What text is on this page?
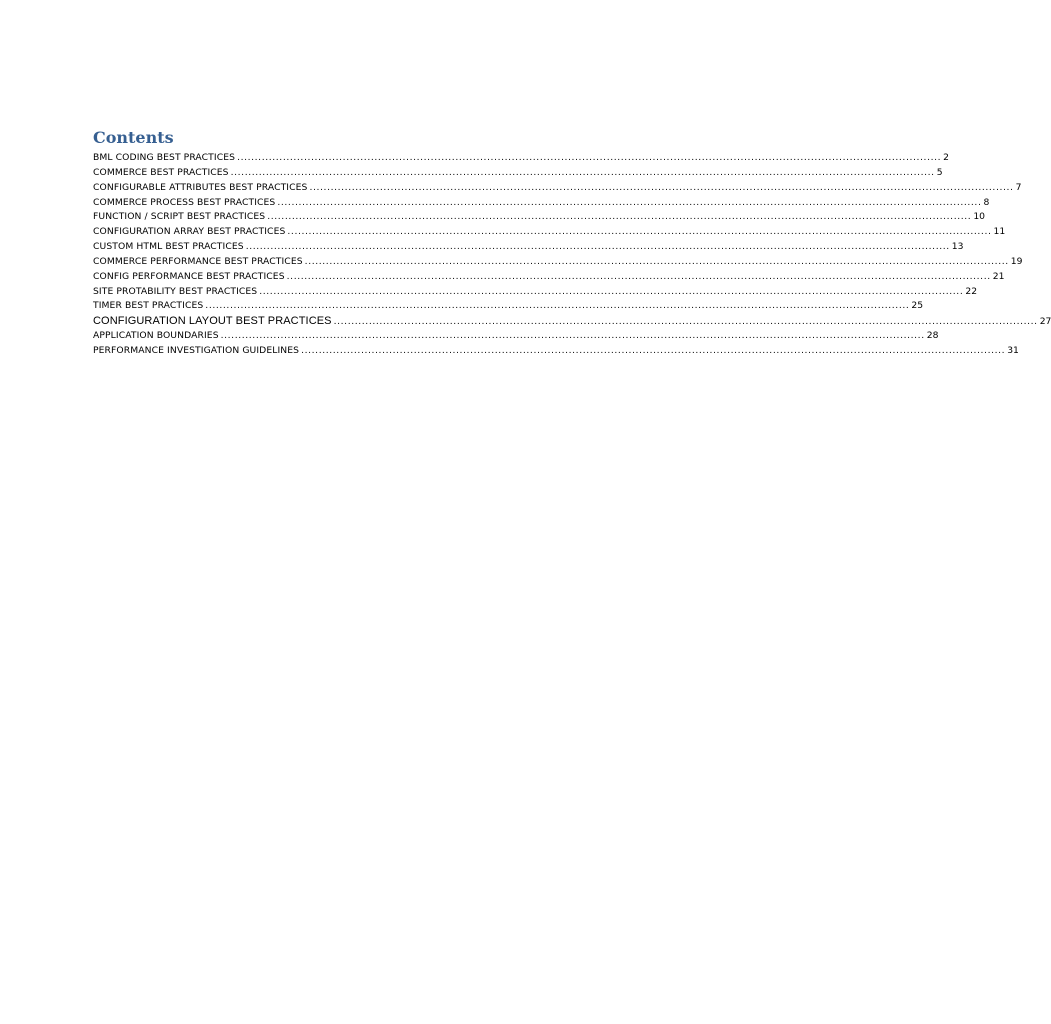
Contents
BML CODING BEST PRACTICES ........................................................................................................................................................................................................ 2
COMMERCE BEST PRACTICES ........................................................................................................................................................................................................ 5
CONFIGURABLE ATTRIBUTES BEST PRACTICES ........................................................................................................................................................................................................ 7
COMMERCE PROCESS BEST PRACTICES ........................................................................................................................................................................................................ 8
FUNCTION / SCRIPT BEST PRACTICES ........................................................................................................................................................................................................ 10
CONFIGURATION ARRAY BEST PRACTICES ........................................................................................................................................................................................................ 11
CUSTOM HTML BEST PRACTICES ........................................................................................................................................................................................................ 13
COMMERCE PERFORMANCE BEST PRACTICES ........................................................................................................................................................................................................ 19
CONFIG PERFORMANCE BEST PRACTICES ........................................................................................................................................................................................................ 21
SITE PROTABILITY BEST PRACTICES ........................................................................................................................................................................................................ 22
TIMER BEST PRACTICES ........................................................................................................................................................................................................ 25
CONFIGURATION LAYOUT BEST PRACTICES ........................................................................................................................................................................................................ 27
APPLICATION BOUNDARIES ........................................................................................................................................................................................................ 28
PERFORMANCE INVESTIGATION GUIDELINES ........................................................................................................................................................................................................ 31
